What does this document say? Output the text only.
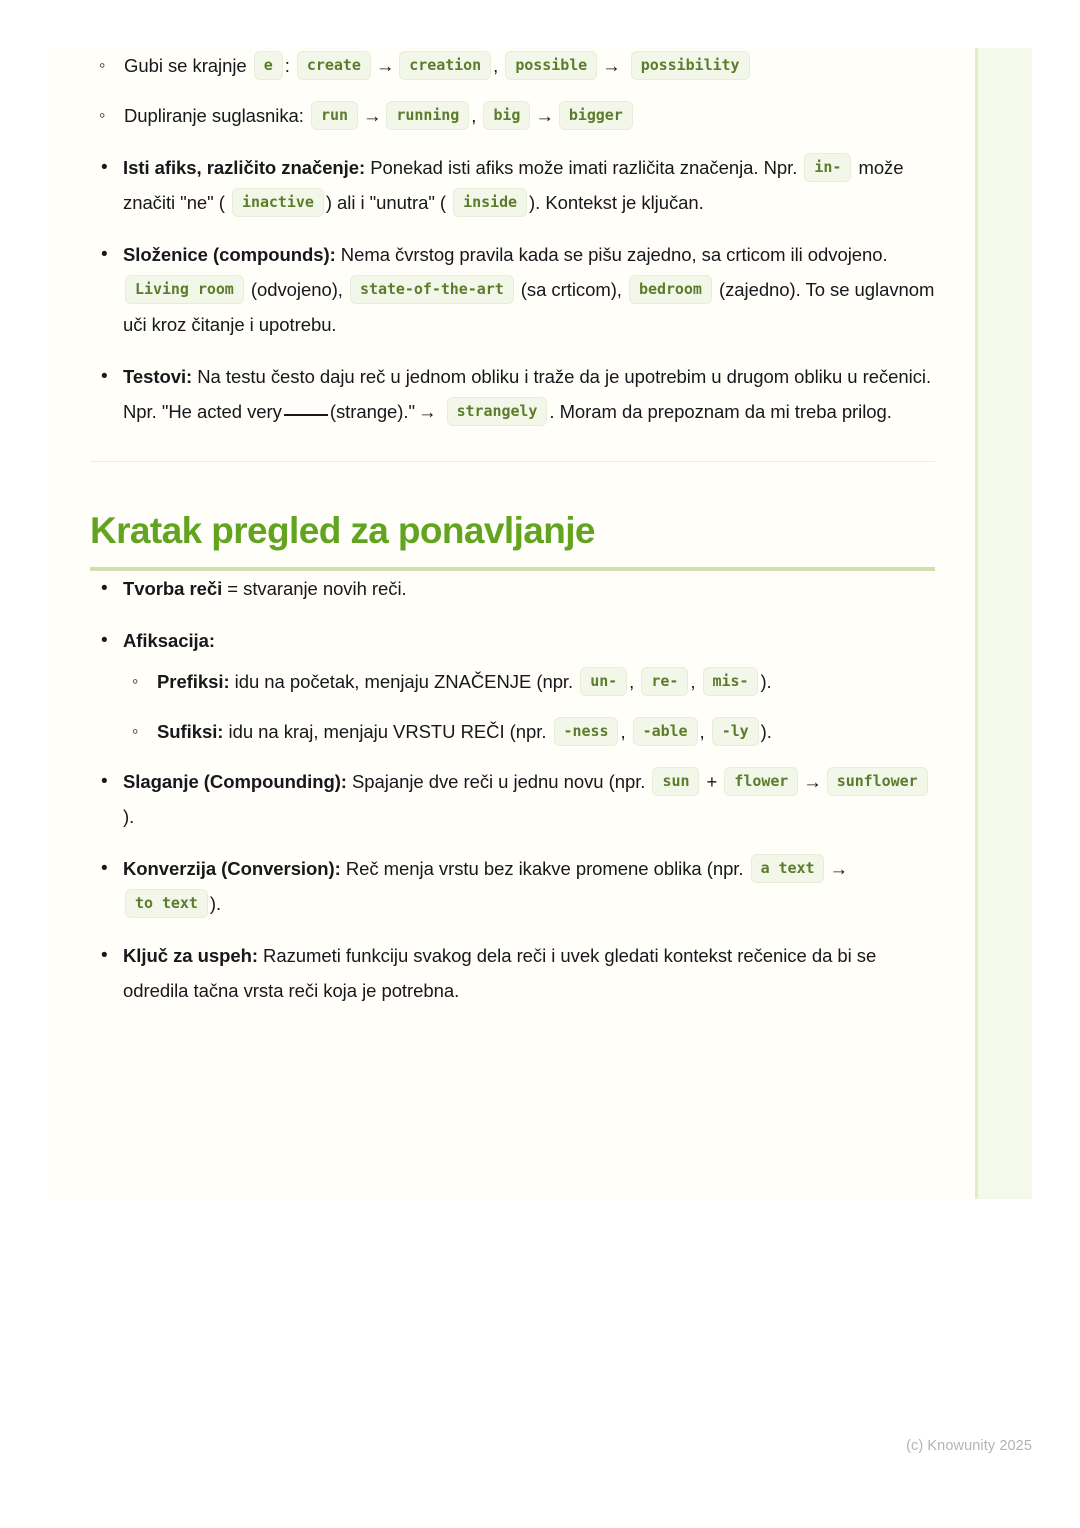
◦ Gubi se krajnje e : create → creation , possible → possibility
◦ Dupliranje suglasnika: run → running , big → bigger
• Isti afiks, različito značenje: Ponekad isti afiks može imati različita značenja. Npr. in- može značiti "ne" ( inactive ) ali i "unutra" ( inside ). Kontekst je ključan.
• Složenice (compounds): Nema čvrstog pravila kada se pišu zajedno, sa crticom ili odvojeno. Living room (odvojeno), state-of-the-art (sa crticom), bedroom (zajedno). To se uglavnom uči kroz čitanje i upotrebu.
• Testovi: Na testu često daju reč u jednom obliku i traže da je upotrebim u drugom obliku u rečenici. Npr. "He acted very	(strange)." → strangely . Moram da prepoznam da mi treba prilog.
Kratak pregled za ponavljanje
• Tvorba reči = stvaranje novih reči.
• Afiksacija:
◦ Prefiksi: idu na početak, menjaju ZNAČENJE (npr. un- , re- , mis- ).
◦ Sufiksi: idu na kraj, menjaju VRSTU REČI (npr. -ness , -able , -ly ).
• Slaganje (Compounding): Spajanje dve reči u jednu novu (npr. sun + flower → sunflower).
• Konverzija (Conversion): Reč menja vrstu bez ikakve promene oblika (npr. a text →to text ).
• Ključ za uspeh: Razumeti funkciju svakog dela reči i uvek gledati kontekst rečenice da bi se odredila tačna vrsta reči koja je potrebna.
(c) Knowunity 2025
